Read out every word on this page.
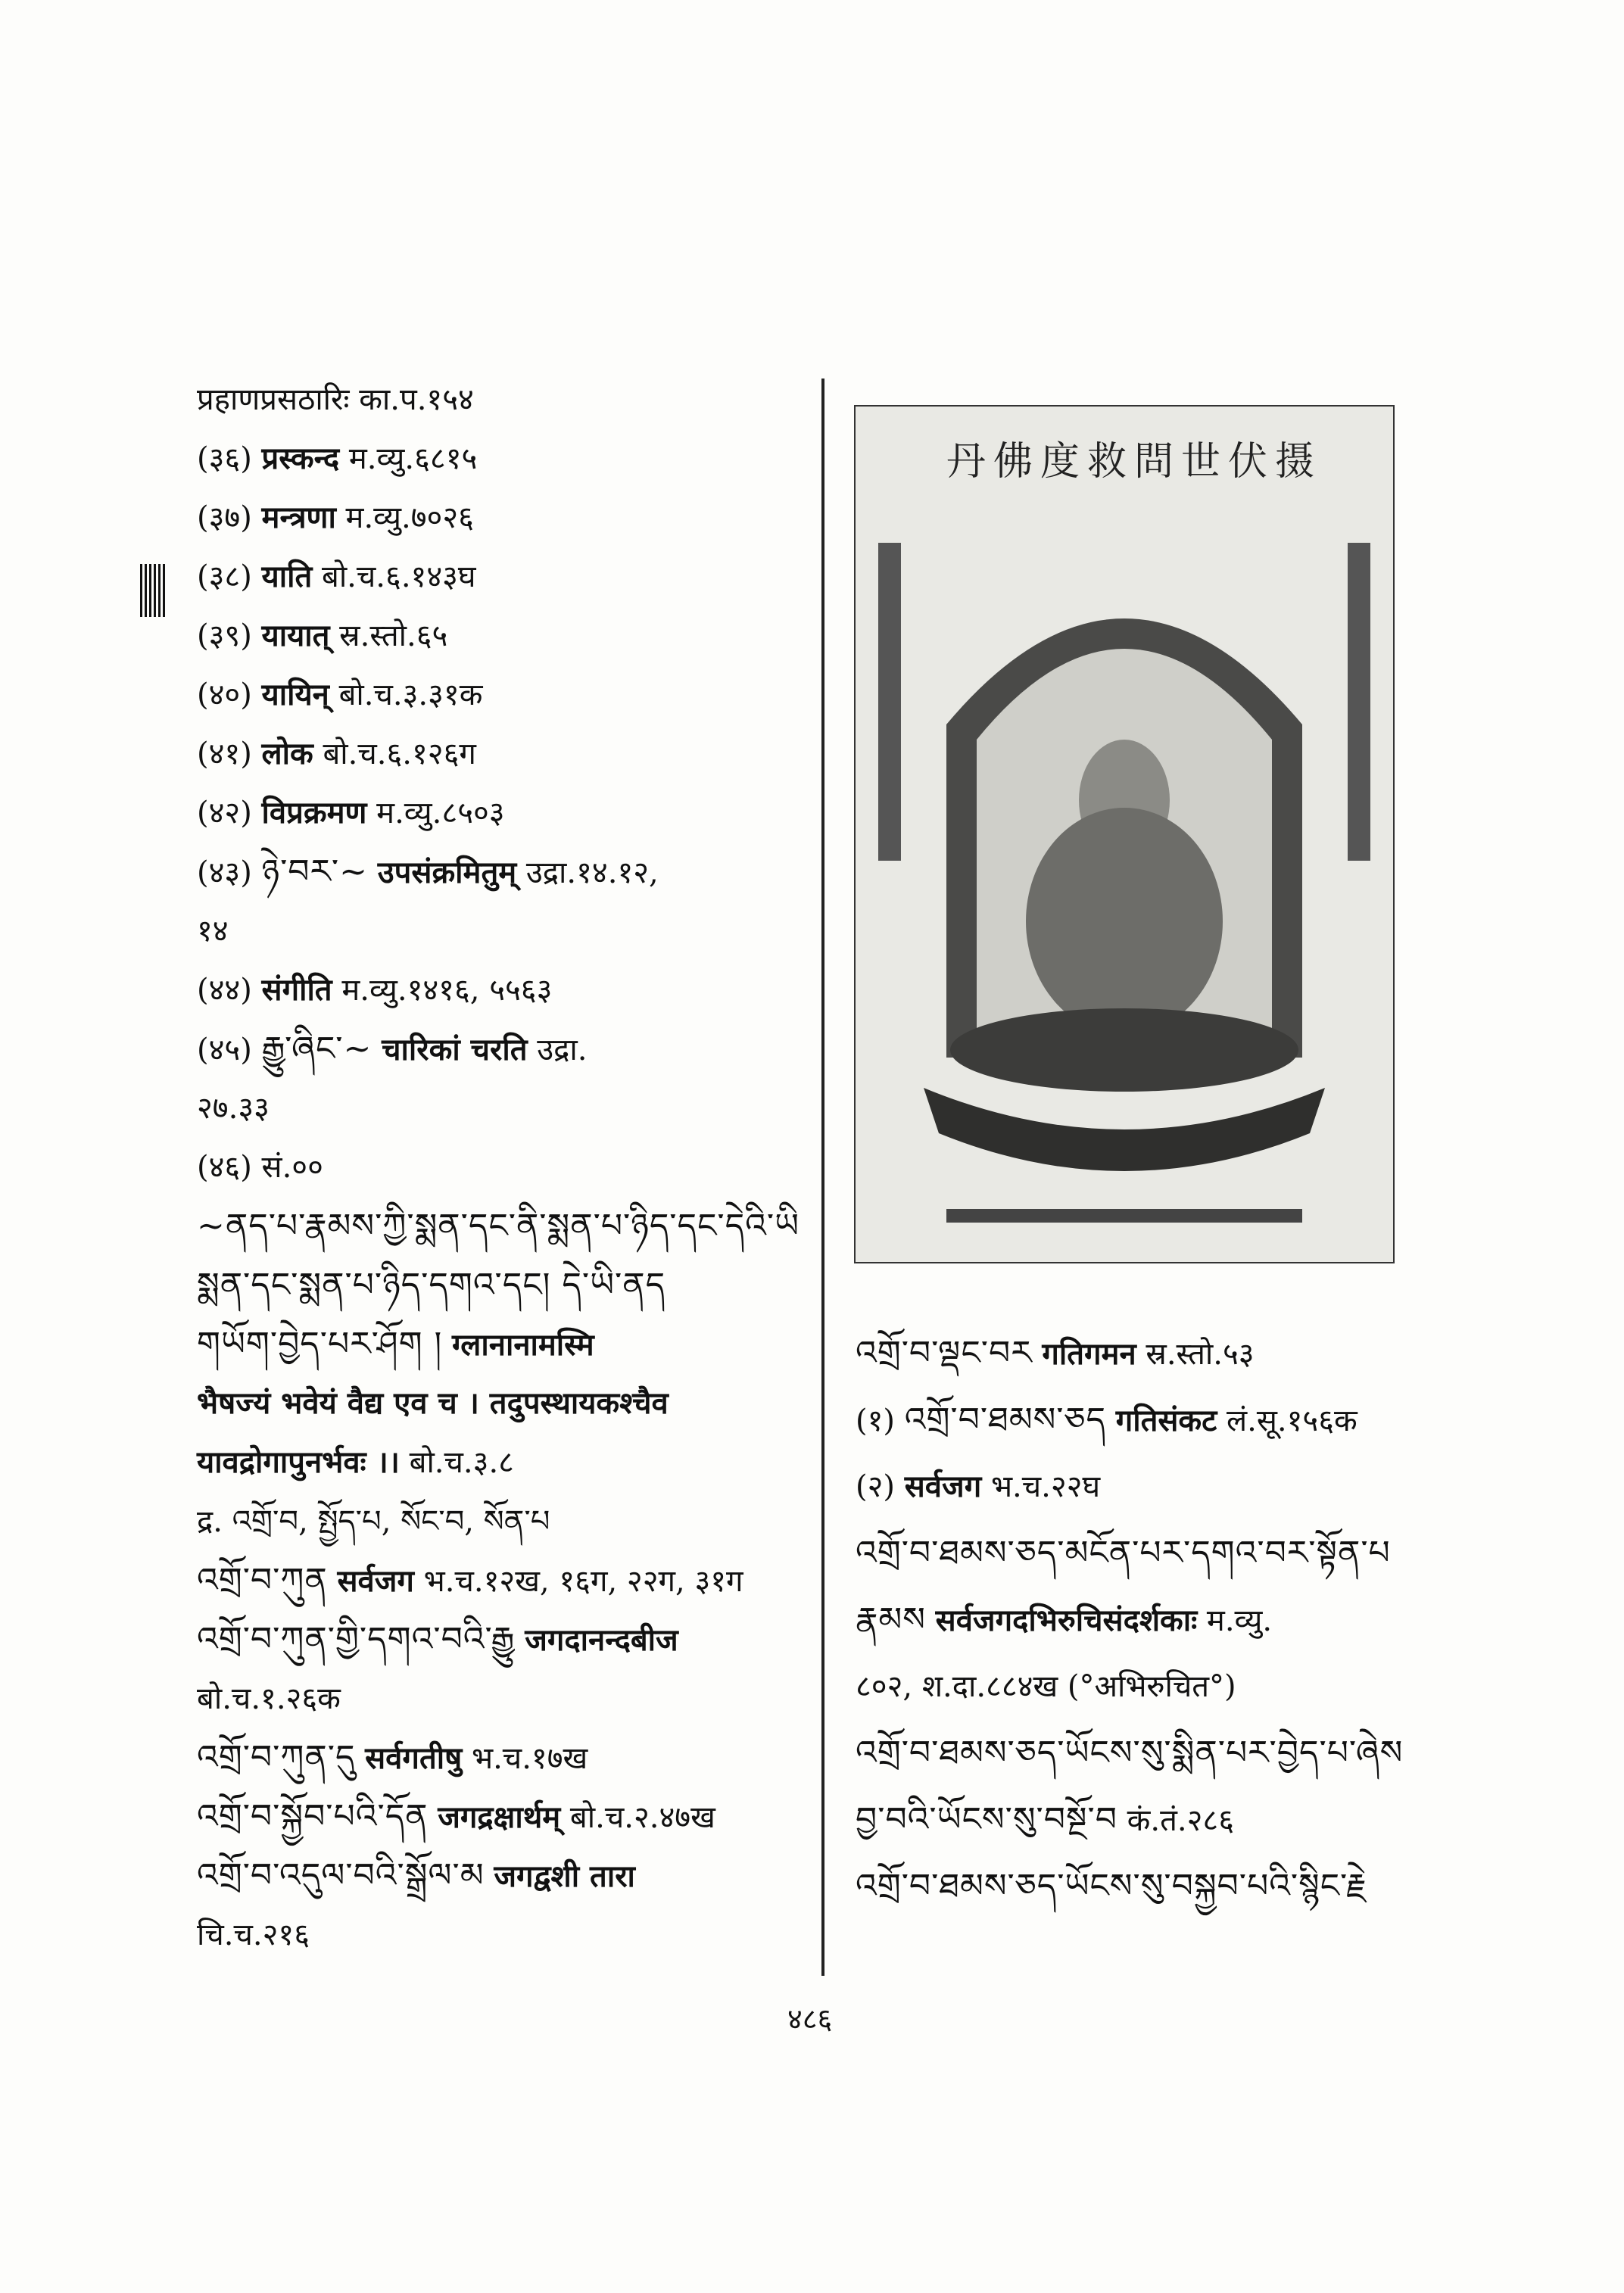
प्रहाणप्रसठारिः का.प.१५४
(३६) प्रस्कन्द म.व्यु.६८१५
(३७) मन्त्रणा म.व्यु.७०२६
(३८) याति बो.च.६.१४३घ
(३९) यायात् स्र.स्तो.६५
(४०) यायिन् बो.च.३.३१क
(४१) लोक बो.च.६.१२६ग
(४२) विप्रक्रमण म.व्यु.८५०३
(४३) ཉེ་བར་~ उपसंक्रमितुम् उद्रा.१४.१२,
१४
(४४) संगीति म.व्यु.१४१६, ५५६३
(४५) རྒྱུ་ཞིང་~ चारिकां चरति उद्रा.
२७.३३
(४६) सं.००
~ནད་པ་རྣམས་ཀྱི་སྨན་དང་ནི་སྨན་པ་ཉིད་དང་དེའི་ཡི
སྨན་དང་སྨན་པ་ཉིད་དགའ་དང། དེ་ཡི་ནད
གཡོག་བྱེད་པར་ཤོག ། ग्लानानामस्मि
भैषज्यं भवेयं वैद्य एव च । तदुपस्थायकश्चैव
यावद्रोगापुनर्भवः ।। बो.च.३.८
द्र. འགྲོ་བ, སྤྱོད་པ, སོང་བ, སོན་པ
འགྲོ་བ་ཀུན सर्वजग भ.च.१२ख, १६ग, २२ग, ३१ग
འགྲོ་བ་ཀུན་གྱི་དགའ་བའི་རྒྱུ जगदानन्दबीज
बो.च.१.२६क
འགྲོ་བ་ཀུན་དུ सर्वगतीषु भ.च.१७ख
འགྲོ་བ་སྐྱོབ་པའི་དོན जगद्रक्षार्थम् बो.च.२.४७ख
འགྲོ་བ་འདུལ་བའི་སྒྲོལ་མ जगद्वशी तारा
चि.च.२१६
འགྲོ་བ་ལྡང་བར गतिगमन स्र.स्तो.५३
(१) འགྲོ་བ་ཐམས་ཅད गतिसंकट लं.सू.१५६क
(२) सर्वजग भ.च.२२घ
འགྲོ་བ་ཐམས་ཅད་མངོན་པར་དགའ་བར་སྟོན་པ
རྣམས सर्वजगदभिरुचिसंदर्शकाः म.व्यु.
८०२, श.दा.८८४ख (°अभिरुचित°)
འགྲོ་བ་ཐམས་ཅད་ཡོངས་སུ་སྨིན་པར་བྱེད་པ་ཞེས
བྱ་བའི་ཡོངས་སུ་བསྔོ་བ कं.तं.२८६
འགྲོ་བ་ཐམས་ཅད་ཡོངས་སུ་བསྐྱབ་པའི་སྙིང་རྗེ
丹佛度救問世伏摄
४८६
